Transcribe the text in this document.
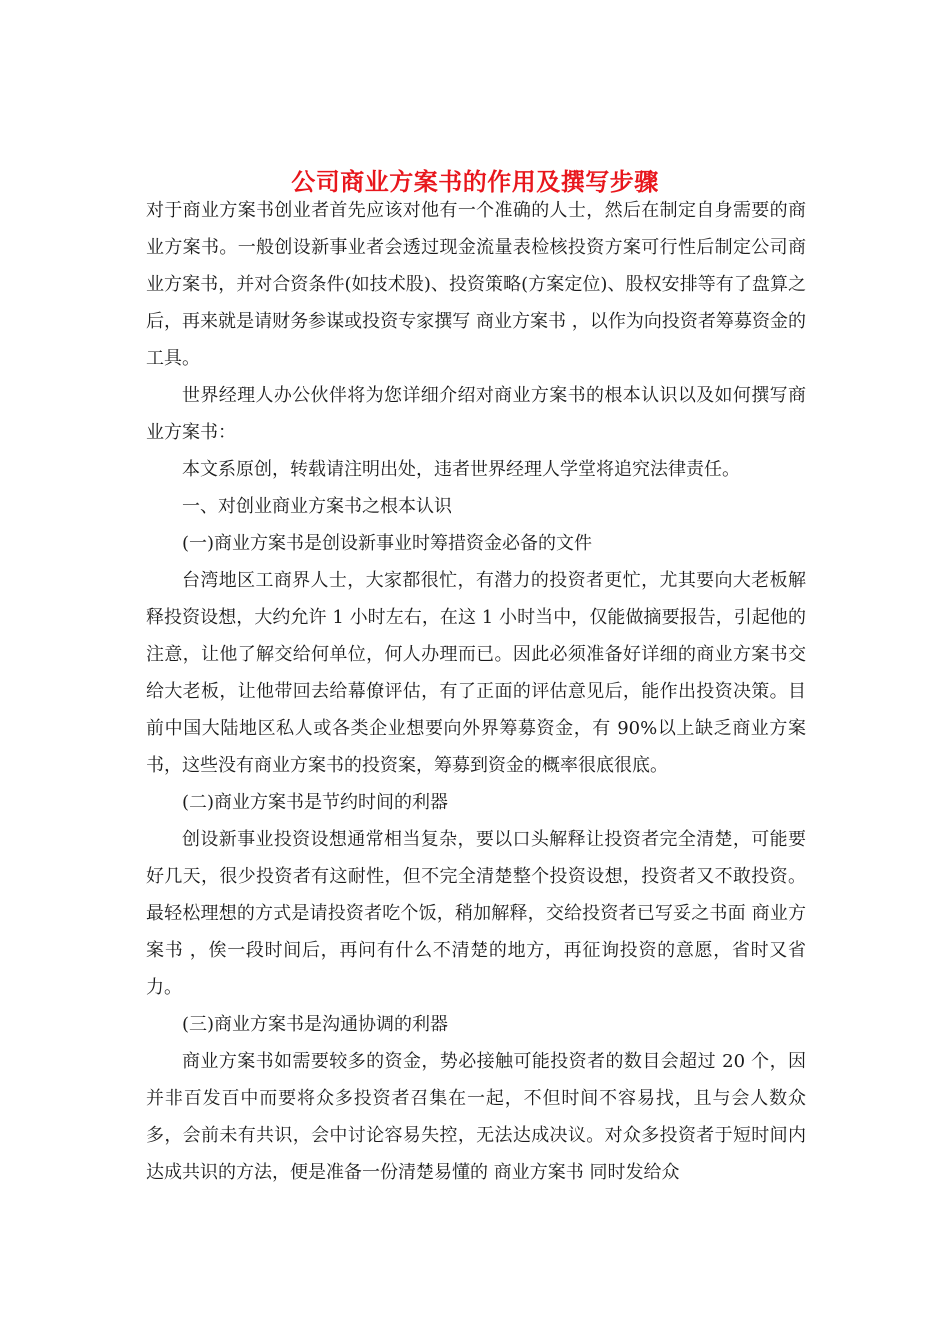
公司商业方案书的作用及撰写步骤

对于商业方案书创业者首先应该对他有一个准确的人士，然后在制定自身需要的商业方案书。一般创设新事业者会透过现金流量表检核投资方案可行性后制定公司商业方案书，并对合资条件(如技术股)、投资策略(方案定位)、股权安排等有了盘算之后，再来就是请财务参谋或投资专家撰写 商业方案书 ，以作为向投资者筹募资金的工具。

世界经理人办公伙伴将为您详细介绍对商业方案书的根本认识以及如何撰写商业方案书：

本文系原创，转载请注明出处，违者世界经理人学堂将追究法律责任。

一、对创业商业方案书之根本认识

(一)商业方案书是创设新事业时筹措资金必备的文件

台湾地区工商界人士，大家都很忙，有潜力的投资者更忙，尤其要向大老板解释投资设想，大约允许 1 小时左右，在这 1 小时当中，仅能做摘要报告，引起他的注意，让他了解交给何单位，何人办理而已。因此必须准备好详细的商业方案书交给大老板，让他带回去给幕僚评估，有了正面的评估意见后，能作出投资决策。目前中国大陆地区私人或各类企业想要向外界筹募资金，有 90%以上缺乏商业方案书，这些没有商业方案书的投资案，筹募到资金的概率很底很底。

(二)商业方案书是节约时间的利器

创设新事业投资设想通常相当复杂，要以口头解释让投资者完全清楚，可能要好几天，很少投资者有这耐性，但不完全清楚整个投资设想，投资者又不敢投资。最轻松理想的方式是请投资者吃个饭，稍加解释，交给投资者已写妥之书面 商业方案书 ，俟一段时间后，再问有什么不清楚的地方，再征询投资的意愿，省时又省力。

(三)商业方案书是沟通协调的利器

商业方案书如需要较多的资金，势必接触可能投资者的数目会超过 20 个，因并非百发百中而要将众多投资者召集在一起，不但时间不容易找，且与会人数众多，会前未有共识，会中讨论容易失控，无法达成决议。对众多投资者于短时间内达成共识的方法，便是准备一份清楚易懂的 商业方案书 同时发给众
